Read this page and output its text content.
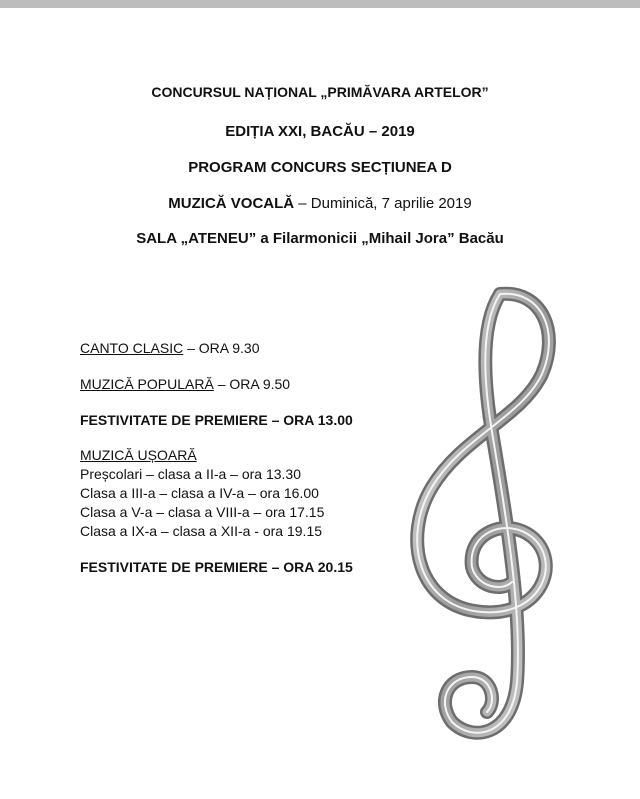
CONCURSUL NAȚIONAL „PRIMĂVARA ARTELOR”
EDIȚIA XXI, BACĂU – 2019
PROGRAM CONCURS SECȚIUNEA D
MUZICĂ VOCALĂ – Duminică, 7 aprilie 2019
SALA „ATENEU” a Filarmonicii „Mihail Jora” Bacău
CANTO CLASIC – ORA 9.30
MUZICĂ POPULARĂ – ORA 9.50
FESTIVITATE DE PREMIERE – ORA 13.00
MUZICĂ UȘOARĂ
Preșcolari – clasa a II-a – ora 13.30
Clasa a III-a – clasa a IV-a – ora 16.00
Clasa a V-a – clasa a VIII-a – ora 17.15
Clasa a IX-a – clasa a XII-a - ora 19.15
FESTIVITATE DE PREMIERE – ORA 20.15
